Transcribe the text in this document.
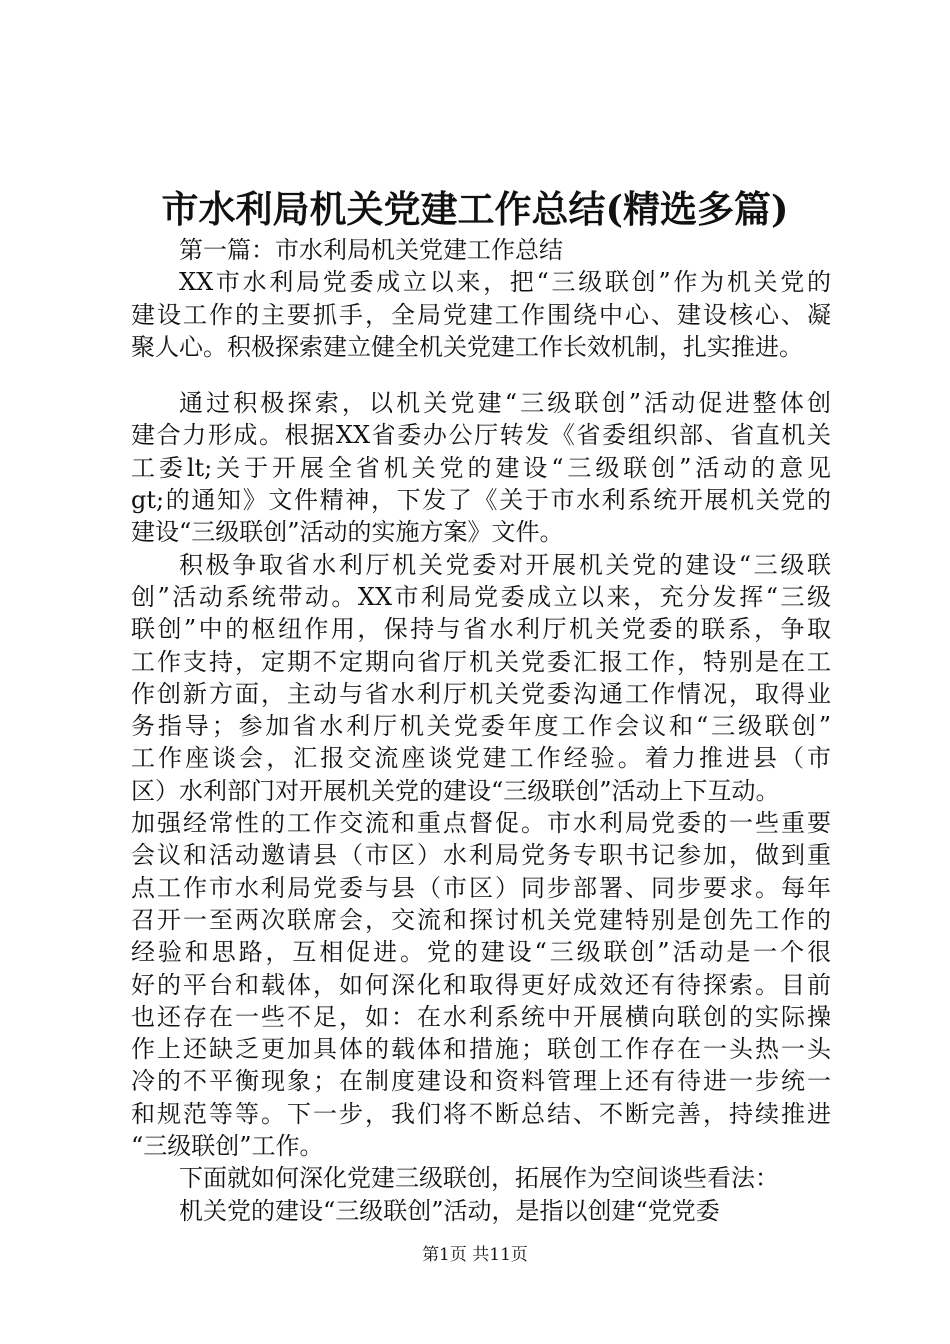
市水利局机关党建工作总结(精选多篇)
第一篇：市水利局机关党建工作总结
XX市水利局党委成立以来，把“三级联创”作为机关党的
建设工作的主要抓手，全局党建工作围绕中心、建设核心、凝
聚人心。积极探索建立健全机关党建工作长效机制，扎实推进。
通过积极探索，以机关党建“三级联创”活动促进整体创
建合力形成。根据XX省委办公厅转发《省委组织部、省直机关
工委lt;关于开展全省机关党的建设“三级联创”活动的意见
gt;的通知》文件精神，下发了《关于市水利系统开展机关党的
建设“三级联创”活动的实施方案》文件。
积极争取省水利厅机关党委对开展机关党的建设“三级联
创”活动系统带动。XX市利局党委成立以来，充分发挥“三级
联创”中的枢纽作用，保持与省水利厅机关党委的联系，争取
工作支持，定期不定期向省厅机关党委汇报工作，特别是在工
作创新方面，主动与省水利厅机关党委沟通工作情况，取得业
务指导；参加省水利厅机关党委年度工作会议和“三级联创”
工作座谈会，汇报交流座谈党建工作经验。着力推进县（市
区）水利部门对开展机关党的建设“三级联创”活动上下互动。
加强经常性的工作交流和重点督促。市水利局党委的一些重要
会议和活动邀请县（市区）水利局党务专职书记参加，做到重
点工作市水利局党委与县（市区）同步部署、同步要求。每年
召开一至两次联席会，交流和探讨机关党建特别是创先工作的
经验和思路，互相促进。党的建设“三级联创”活动是一个很
好的平台和载体，如何深化和取得更好成效还有待探索。目前
也还存在一些不足，如：在水利系统中开展横向联创的实际操
作上还缺乏更加具体的载体和措施；联创工作存在一头热一头
冷的不平衡现象；在制度建设和资料管理上还有待进一步统一
和规范等等。下一步，我们将不断总结、不断完善，持续推进
“三级联创”工作。
下面就如何深化党建三级联创，拓展作为空间谈些看法：
机关党的建设“三级联创”活动，是指以创建“党党委
第1页 共11页
